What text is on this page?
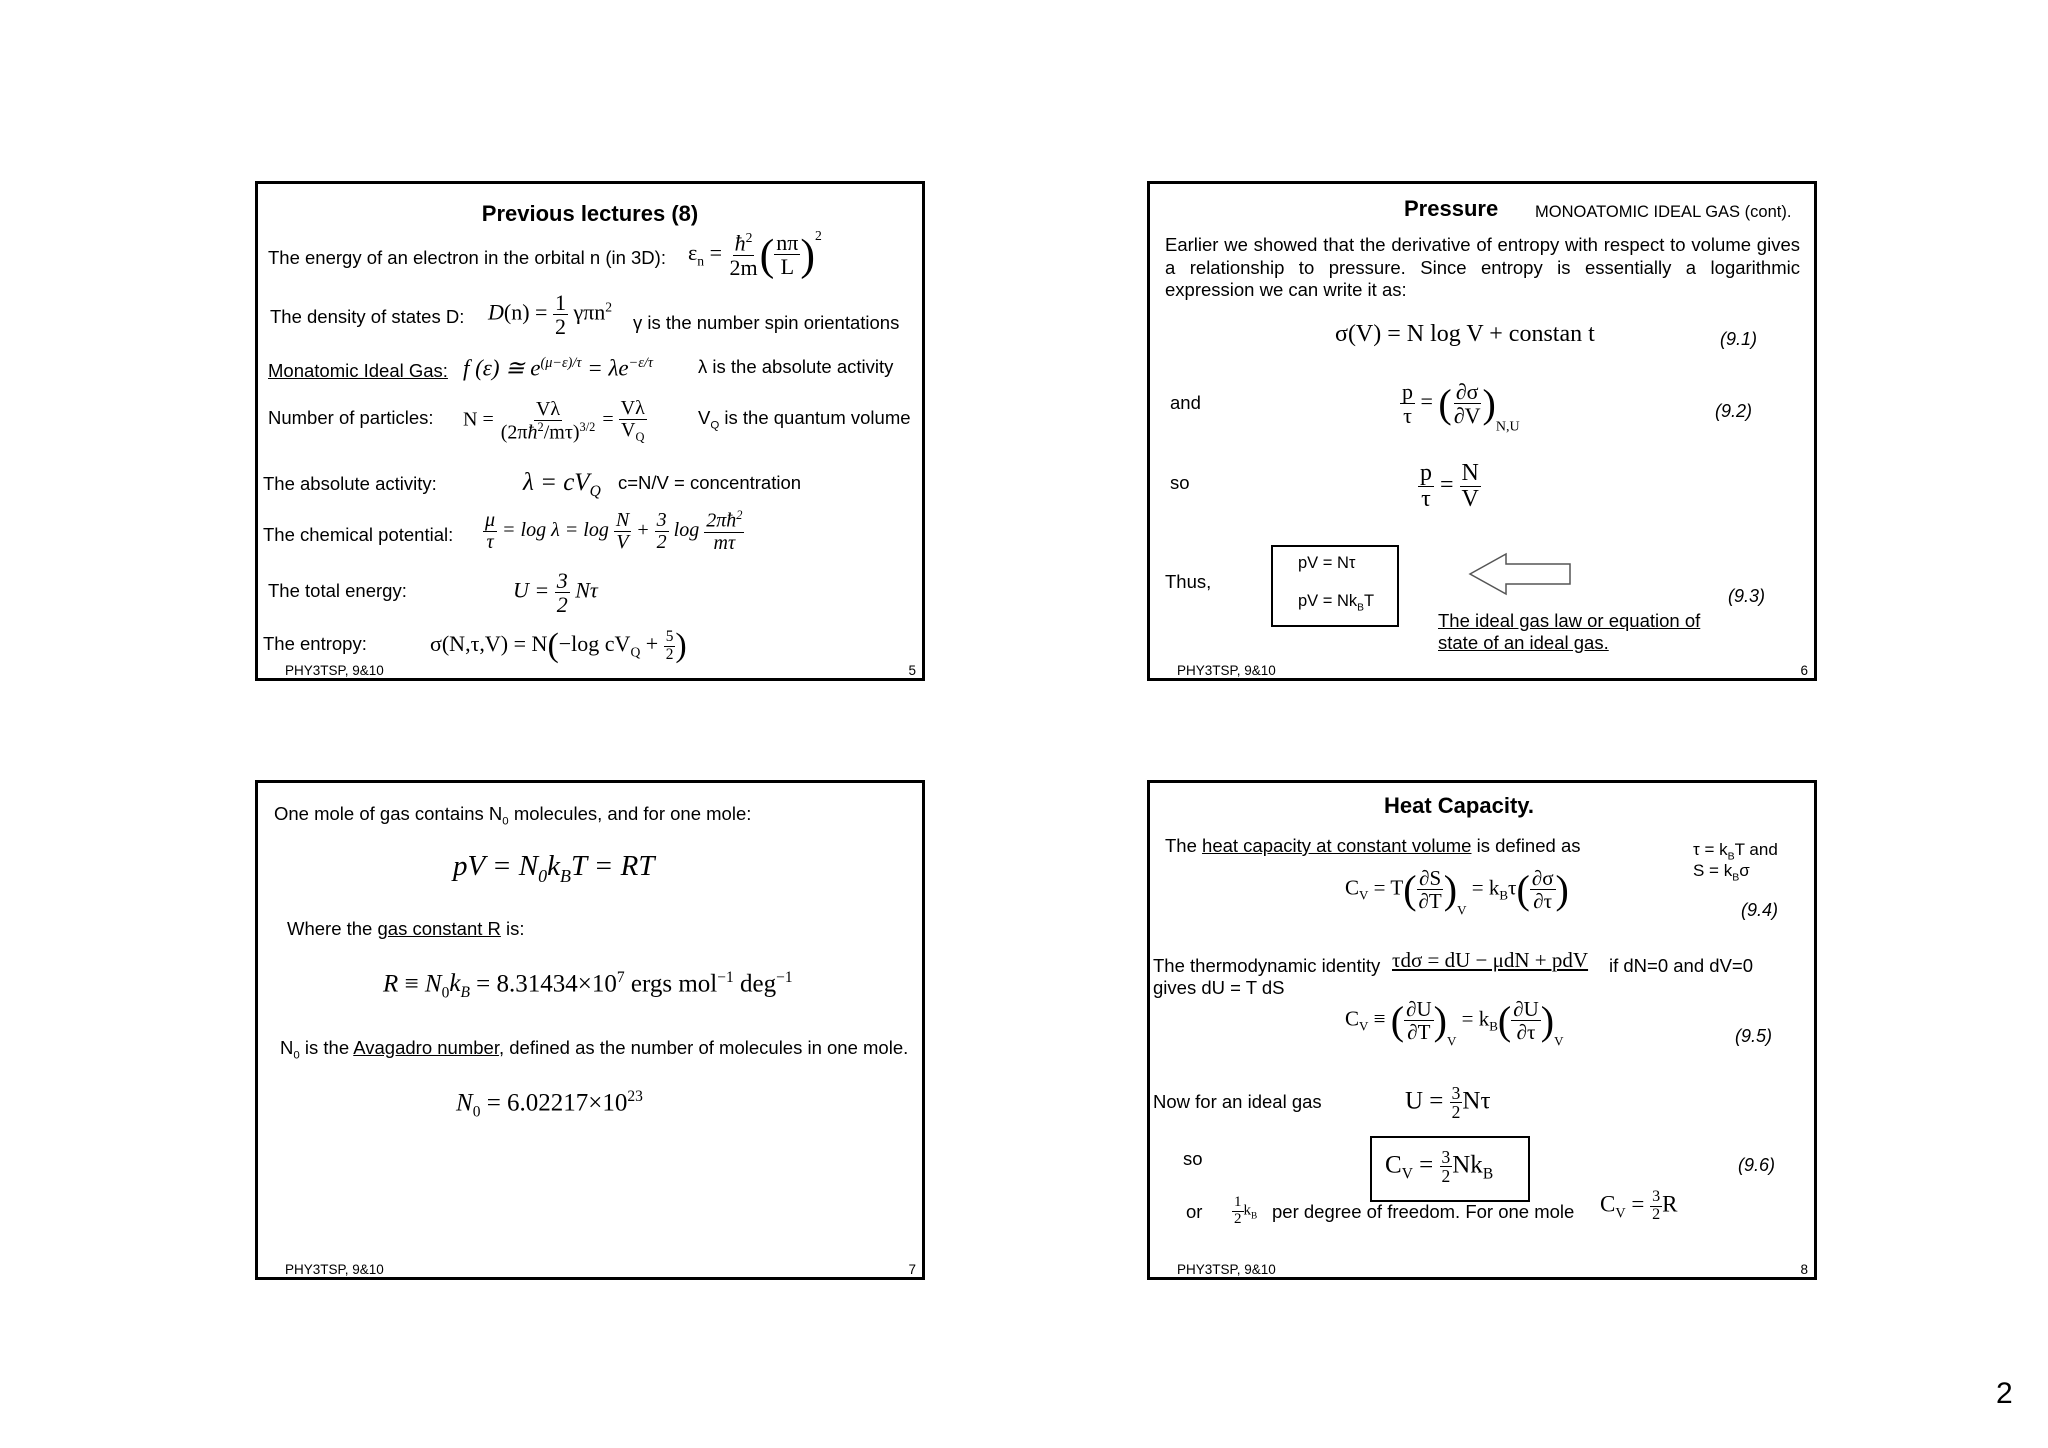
Previous lectures (8)
The energy of an electron in the orbital n (in 3D): $\varepsilon_n = \frac{ħ^2}{2m}$ ( $\frac{n\pi}{L} )^2$
The density of states D: $D(n) = \frac{1}{2} \gamma\pi n^2$
γ is the number spin orientations
Monatomic Ideal Gas: f (ε) ≅ $e^{(\mu-\varepsilon)/\tau} = \lambda e^{-\varepsilon/\tau}$ λ is the absolute activity
Number of particles: $N = \frac{V\lambda}{(2\pi ħ^2/m\tau)^{3/2}} = \frac{V\lambda}{V_Q}$	$V_Q$ is the quantum volume
The absolute activity:	$\lambda = cV_Q$ c=N/V = concentration
The chemical potential: $\frac{\mu}{\tau} = \log \lambda = \log \frac{N}{V} + \frac{3}{2}$ $\log \frac{2\pi ħ^2}{m\tau}$
The total energy:	$U = \frac{3}{2}$ Nτ
The entropy:	σ(N,τ,V) = N(−log $cV_Q + \frac{5}{2}$ )
PHY3TSP, 9&10	5
Pressure MONOATOMIC IDEAL GAS (cont).
Earlier we showed that the derivative of entropy with respect to volume gives a relationship to pressure. Since entropy is essentially a logarithmic expression we can write it as:
σ(V) = N log V + constan t	(9.1)
and	$\frac{p}{\tau}$ = ( $\frac{\partial\sigma}{\partial V} )_{N,U}$
(9.2)
so	$\frac{p}{\tau} = \frac{N}{V}$
Thus,
pV = Nτ
pV = $Nk_BT$	(9.3)
The ideal gas law or equation of
state of an ideal gas.
PHY3TSP, 9&10	6
One mole of gas contains $N_0$ molecules, and for one mole:
pV = $N_0k_BT$ = RT
Where the gas constant R is:
$R \equiv N_0k_B = 8.31434\times 10^7$ ergs mol$^{-1}$ deg$^{-1}$
$N_0$ is the Avagadro number, defined as the number of molecules in one mole.
$N_0 = 6.02217\times 10^{23}$
PHY3TSP, 9&10	7
Heat Capacity.
The heat capacity at constant volume is defined as	$\tau = k_BT$ and
$S = k_B\sigma$
$C_V = T( \frac{\partial S}{\partial T} )_V = k_B\tau( \frac{\partial\sigma}{\partial\tau}$ )	(9.4)
The thermodynamic identity τdσ = dU − μdN + pdV if dN=0 and dV=0
gives dU = T dS
$C_V$ ≡ ( $\frac{\partial U}{\partial T} )_V = k_B( \frac{\partial U}{\partial\tau} )_V$	(9.5)
Now for an ideal gas	$U = \frac{3}{2}$ Nτ
so	$C_V = \frac{3}{2} Nk_B$	(9.6)
or $\frac{1}{2} k_B$ per degree of freedom. For one mole $C_V = \frac{3}{2}$ R
PHY3TSP, 9&10	8
2
